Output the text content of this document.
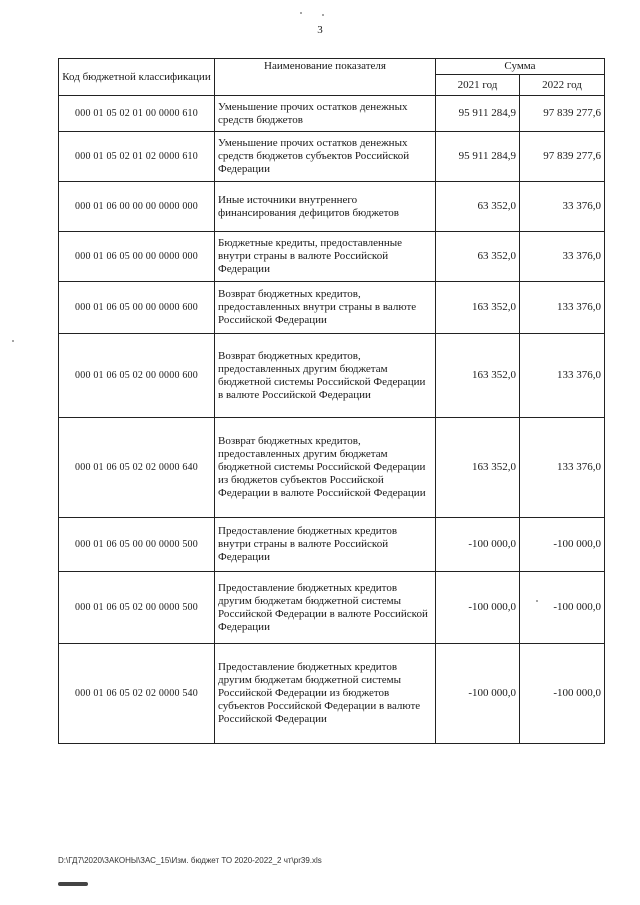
3
Код бюджетной классификации	Наименование показателя	Сумма	
		2021 год	2022 год
000 01 05 02 01 00 0000 610	Уменьшение прочих остатков денежных средств бюджетов	95 911 284,9	97 839 277,6
000 01 05 02 01 02 0000 610	Уменьшение прочих остатков денежных средств бюджетов субъектов Российской Федерации	95 911 284,9	97 839 277,6
000 01 06 00 00 00 0000 000	Иные источники внутреннего финансирования дефицитов бюджетов	63 352,0	33 376,0
000 01 06 05 00 00 0000 000	Бюджетные кредиты, предоставленные внутри страны в валюте Российской Федерации	63 352,0	33 376,0
000 01 06 05 00 00 0000 600	Возврат бюджетных кредитов, предоставленных внутри страны в валюте Российской Федерации	163 352,0	133 376,0
000 01 06 05 02 00 0000 600	Возврат бюджетных кредитов, предоставленных другим бюджетам бюджетной системы Российской Федерации в валюте Российской Федерации	163 352,0	133 376,0
000 01 06 05 02 02 0000 640	Возврат бюджетных кредитов, предоставленных другим бюджетам бюджетной системы Российской Федерации из бюджетов субъектов Российской Федерации в валюте Российской Федерации	163 352,0	133 376,0
000 01 06 05 00 00 0000 500	Предоставление бюджетных кредитов внутри страны в валюте Российской Федерации	-100 000,0	-100 000,0
000 01 06 05 02 00 0000 500	Предоставление бюджетных кредитов другим бюджетам бюджетной системы Российской Федерации в валюте Российской Федерации	-100 000,0	-100 000,0
000 01 06 05 02 02 0000 540	Предоставление бюджетных кредитов другим бюджетам бюджетной системы Российской Федерации из бюджетов субъектов Российской Федерации в валюте Российской Федерации	-100 000,0	-100 000,0
D:\ГД7\2020\ЗАКОНЫ\ЗАС_15\Изм. бюджет ТО 2020-2022_2 чт\pr39.xls
